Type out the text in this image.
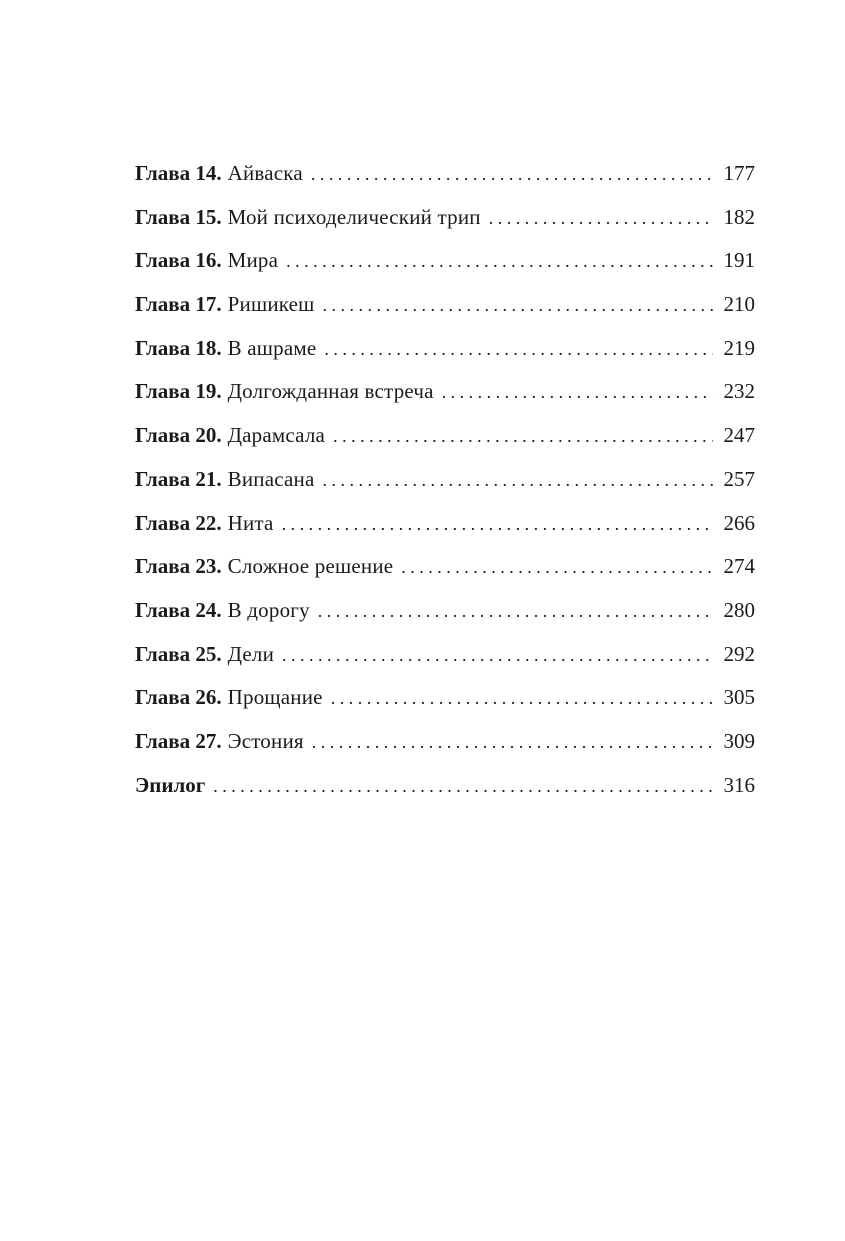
Глава 14. Айваска . . .	177
Глава 15. Мой психоделический трип . . .	182
Глава 16. Мира . . .	191
Глава 17. Ришикеш . . .	210
Глава 18. В ашраме . . .	219
Глава 19. Долгожданная встреча . . .	232
Глава 20. Дарамсала . . .	247
Глава 21. Випасана . . .	257
Глава 22. Нита . . .	266
Глава 23. Сложное решение . . .	274
Глава 24. В дорогу . . .	280
Глава 25. Дели . . .	292
Глава 26. Прощание . . .	305
Глава 27. Эстония . . .	309
Эпилог . . .	316
